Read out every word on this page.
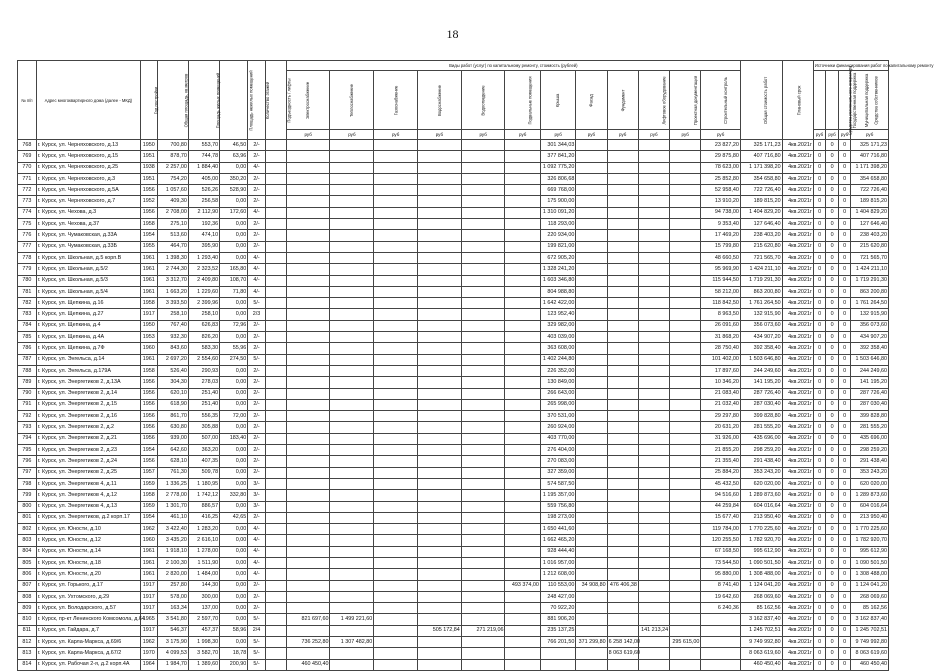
18
№ п/п	Адрес многоквартирного дома (далее - МКД)	Год постройки	Общая площадь, кв.метров	Площадь жилых помещений	Площадь нежилых помещений	Количество этажей	Подъездность / лифты	Виды работ (услуг) по капитальному ремонту, стоимость (рублей)												Общая стоимость работ	Плановый срок	Источники финансирования работ по капитальному ремонту			
								Электроснабжение	Теплоснабжение	Газоснабжение	Водоснабжение	Водоотведение	Подвальные помещения	Крыша	Фасад	Фундамент	Лифтовое оборудование	Проектная документация	Строительный контроль			Средства регионального оператора	Государственная поддержка	Муниципальная поддержка	Средства собственников
								руб	руб	руб	руб	руб	руб	руб	руб	руб	руб	руб	руб			руб	руб	руб	руб
768	г. Курск, ул. Черняховского, д.13	1950	700,80	553,70	46,50	2/-								301 344,03					23 827,20	325 171,23	4кв.2021г	0	0	0	325 171,23
769	г. Курск, ул. Черняховского, д.15	1951	878,70	744,78	63,96	2/-								377 841,20					29 875,80	407 716,80	4кв.2021г	0	0	0	407 716,80
770	г. Курск, ул. Черняховского, д.25	1938	2 257,00	1 884,40	0,00	4/-								1 092 775,20					78 623,00	1 171 398,20	4кв.2021г	0	0	0	1 171 398,20
771	г. Курск, ул. Черняховского, д.3	1951	754,20	405,00	350,20	2/-								326 806,68					25 852,80	354 658,80	4кв.2021г	0	0	0	354 658,80
772	г. Курск, ул. Черняховского, д.5А	1956	1 057,60	526,26	528,90	2/-								669 768,00					52 958,40	722 726,40	4кв.2021г	0	0	0	722 726,40
773	г. Курск, ул. Черняховского, д.7	1952	409,30	256,58	0,00	2/-								175 900,00					13 910,20	189 815,20	4кв.2021г	0	0	0	189 815,20
774	г. Курск, ул. Чехова, д.3	1956	2 708,00	2 112,90	172,60	4/-								1 310 091,20					94 738,00	1 404 829,20	4кв.2021г	0	0	0	1 404 829,20
775	г. Курск, ул. Чехова, д.37	1958	275,10	192,36	0,00	2/-								118 293,00					9 353,40	127 646,40	4кв.2021г	0	0	0	127 646,40
776	г. Курск, ул. Чумаковская, д.33А	1954	513,60	474,10	0,00	2/-								220 934,00					17 469,20	238 403,20	4кв.2021г	0	0	0	238 403,20
777	г. Курск, ул. Чумаковская, д.33Б	1955	464,70	395,90	0,00	2/-								199 821,00					15 799,80	215 620,80	4кв.2021г	0	0	0	215 620,80
778	г. Курск, ул. Школьная, д.5 корп.В	1961	1 398,30	1 293,40	0,00	4/-								672 905,20					48 660,50	721 565,70	4кв.2021г	0	0	0	721 565,70
779	г. Курск, ул. Школьная, д.5/2	1961	2 744,30	2 323,52	165,80	4/-								1 328 241,20					95 969,90	1 424 211,10	4кв.2021г	0	0	0	1 424 211,10
780	г. Курск, ул. Школьная, д.5/3	1961	3 312,70	2 409,80	108,70	4/-								1 603 346,80					115 944,50	1 719 291,30	4кв.2021г	0	0	0	1 719 291,30
781	г. Курск, ул. Школьная, д.5/4	1961	1 663,20	1 229,60	71,80	4/-								804 988,80					58 212,00	863 200,80	4кв.2021г	0	0	0	863 200,80
782	г. Курск, ул. Щепкина, д.16	1958	3 393,50	2 399,96	0,00	5/-								1 642 422,00					118 842,50	1 761 264,50	4кв.2021г	0	0	0	1 761 264,50
783	г. Курск, ул. Щепкина, д.27	1917	258,10	258,10	0,00	2/3								123 952,40					8 963,50	132 915,90	4кв.2021г	0	0	0	132 915,90
784	г. Курск, ул. Щепкина, д.4	1950	767,40	626,83	72,96	2/-								329 982,00					26 091,60	356 073,60	4кв.2021г	0	0	0	356 073,60
785	г. Курск, ул. Щепкина, д.4А	1953	932,30	826,20	0,00	2/-								403 039,00					31 868,20	434 907,20	4кв.2021г	0	0	0	434 907,20
786	г. Курск, ул. Щепкина, д.7Ф	1960	843,60	583,30	55,96	2/-								363 608,00					28 750,40	392 358,40	4кв.2021г	0	0	0	392 358,40
787	г. Курск, ул. Энгельса, д.14	1961	2 697,20	2 554,60	274,50	5/-								1 402 244,80					101 402,00	1 503 646,80	4кв.2021г	0	0	0	1 503 646,80
788	г. Курск, ул. Энгельса, д.179А	1958	526,40	290,93	0,00	2/-								226 352,00					17 897,60	244 249,60	4кв.2021г	0	0	0	244 249,60
789	г. Курск, ул. Энергетиков 2, д.13А	1956	304,30	278,03	0,00	2/-								130 849,00					10 346,20	141 195,20	4кв.2021г	0	0	0	141 195,20
790	г. Курск, ул. Энергетиков 2, д.14	1956	620,10	251,40	0,00	2/-								266 643,00					21 083,40	287 726,40	4кв.2021г	0	0	0	287 726,40
791	г. Курск, ул. Энергетиков 2, д.15	1956	618,90	251,40	0,00	2/-								265 998,00					21 032,40	287 030,40	4кв.2021г	0	0	0	287 030,40
792	г. Курск, ул. Энергетиков 2, д.16	1956	861,70	556,35	72,00	2/-								370 531,00					29 297,80	399 828,80	4кв.2021г	0	0	0	399 828,80
793	г. Курск, ул. Энергетиков 2, д.2	1956	630,80	305,88	0,00	2/-								260 924,00					20 631,20	281 555,20	4кв.2021г	0	0	0	281 555,20
794	г. Курск, ул. Энергетиков 2, д.21	1956	939,00	507,00	183,40	2/-								403 770,00					31 926,00	435 696,00	4кв.2021г	0	0	0	435 696,00
795	г. Курск, ул. Энергетиков 2, д.23	1954	642,60	363,20	0,00	2/-								276 404,00					21 855,20	298 259,20	4кв.2021г	0	0	0	298 259,20
796	г. Курск, ул. Энергетиков 2, д.24	1956	628,10	407,35	0,00	2/-								270 083,00					21 355,40	291 438,40	4кв.2021г	0	0	0	291 438,40
797	г. Курск, ул. Энергетиков 2, д.25	1957	761,30	509,78	0,00	2/-								327 359,00					25 884,20	353 243,20	4кв.2021г	0	0	0	353 243,20
798	г. Курск, ул. Энергетиков 4, д.11	1959	1 336,25	1 180,95	0,00	3/-								574 587,50					45 432,50	620 020,00	4кв.2021г	0	0	0	620 020,00
799	г. Курск, ул. Энергетиков 4, д.12	1958	2 778,00	1 742,12	332,80	3/-								1 195 357,00					94 516,60	1 289 873,60	4кв.2021г	0	0	0	1 289 873,60
800	г. Курск, ул. Энергетиков 4, д.13	1959	1 301,70	886,57	0,00	3/-								559 756,80					44 259,84	604 016,64	4кв.2021г	0	0	0	604 016,64
801	г. Курск, ул. Энергетиков, д.2 корп.17	1954	461,10	416,25	42,65	2/-								198 273,00					15 677,40	213 950,40	4кв.2021г	0	0	0	213 950,40
802	г. Курск, ул. Юности, д.10	1962	3 422,40	1 283,20	0,00	4/-								1 650 441,60					119 784,00	1 770 225,60	4кв.2021г	0	0	0	1 770 225,60
803	г. Курск, ул. Юности, д.12	1960	3 435,20	2 616,10	0,00	4/-								1 662 465,20					120 255,50	1 782 920,70	4кв.2021г	0	0	0	1 782 920,70
804	г. Курск, ул. Юности, д.14	1961	1 918,10	1 278,00	0,00	4/-								928 444,40					67 168,50	995 612,90	4кв.2021г	0	0	0	995 612,90
805	г. Курск, ул. Юности, д.18	1961	2 100,30	1 511,90	0,00	4/-								1 016 957,00					73 544,50	1 090 501,50	4кв.2021г	0	0	0	1 090 501,50
806	г. Курск, ул. Юности, д.20	1961	2 820,00	1 484,00	0,00	4/-								1 212 608,00					95 880,00	1 308 488,00	4кв.2021г	0	0	0	1 308 488,00
807	г. Курск, ул. Горького, д.17	1917	257,80	144,30	0,00	2/-							493 374,00	110 553,00	34 908,80	476 406,38			8 741,40	1 124 041,20	4кв.2021г	0	0	0	1 124 041,20
808	г. Курск, ул. Ухтомского, д.29	1917	578,00	300,00	0,00	2/-								248 427,00					19 642,60	268 069,60	4кв.2021г	0	0	0	268 069,60
809	г. Курск, ул. Володарского, д.57	1917	163,34	137,00	0,00	2/-								70 922,20					6 240,36	85 162,56	4кв.2021г	0	0	0	85 162,56
810	г. Курск, пр-кт Ленинского Комсомола, д.64	1965	3 541,80	2 597,70	0,00	5/-		821 697,60	1 499 221,60					881 906,20						3 162 837,40	4кв.2021г	0	0	0	3 162 837,40
811	г. Курск, ул. Гайдара, д.7	1917	546,37	457,37	58,96	2/4					505 172,84	271 219,06		235 137,25			141 213,24			1 245 702,51	4кв.2021г	0	0	0	1 245 702,51
812	г. Курск, ул. Карла-Маркса, д.69/6	1962	3 175,90	1 998,30	0,00	5/-		736 252,80	1 307 482,80					766 201,50	371 299,80	6 258 142,00		295 615,00		9 749 992,80	4кв.2021г	0	0	0	9 749 992,80
813	г. Курск, ул. Карла-Маркса, д.67/2	1970	4 099,53	3 582,70	18,78	5/-										8 063 619,60				8 063 619,60	4кв.2021г	0	0	0	8 063 619,60
814	г. Курск, ул. Рабочая 2-я, д.2 корп.4А	1964	1 984,70	1 389,60	200,90	5/-		460 450,40												460 450,40	4кв.2021г	0	0	0	460 450,40
